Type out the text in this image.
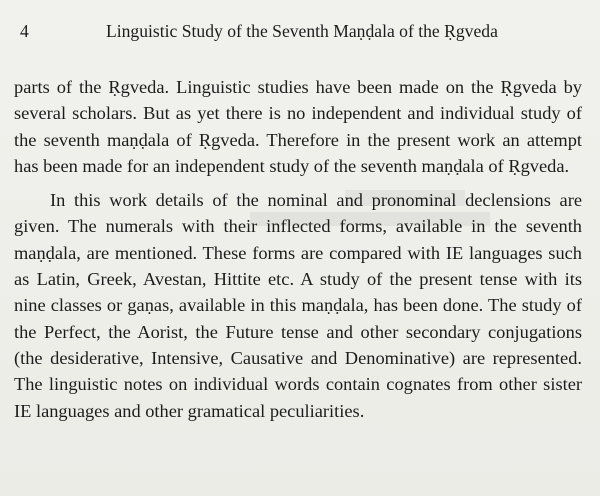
4	Linguistic Study of the Seventh Maṇḍala of the Ṛgveda

parts of the Ṛgveda. Linguistic studies have been made on the Ṛgveda by several scholars. But as yet there is no independent and individual study of the seventh maṇḍala of Ṛgveda. Therefore in the present work an attempt has been made for an independent study of the seventh maṇḍala of Ṛgveda.

In this work details of the nominal and pronominal declensions are given. The numerals with their inflected forms, available in the seventh maṇḍala, are mentioned. These forms are compared with IE languages such as Latin, Greek, Avestan, Hittite etc. A study of the present tense with its nine classes or gaṇas, available in this maṇḍala, has been done. The study of the Perfect, the Aorist, the Future tense and other secondary conjugations (the desiderative, Intensive, Causative and Denominative) are represented. The linguistic notes on individual words contain cognates from other sister IE languages and other gramatical peculiarities.
